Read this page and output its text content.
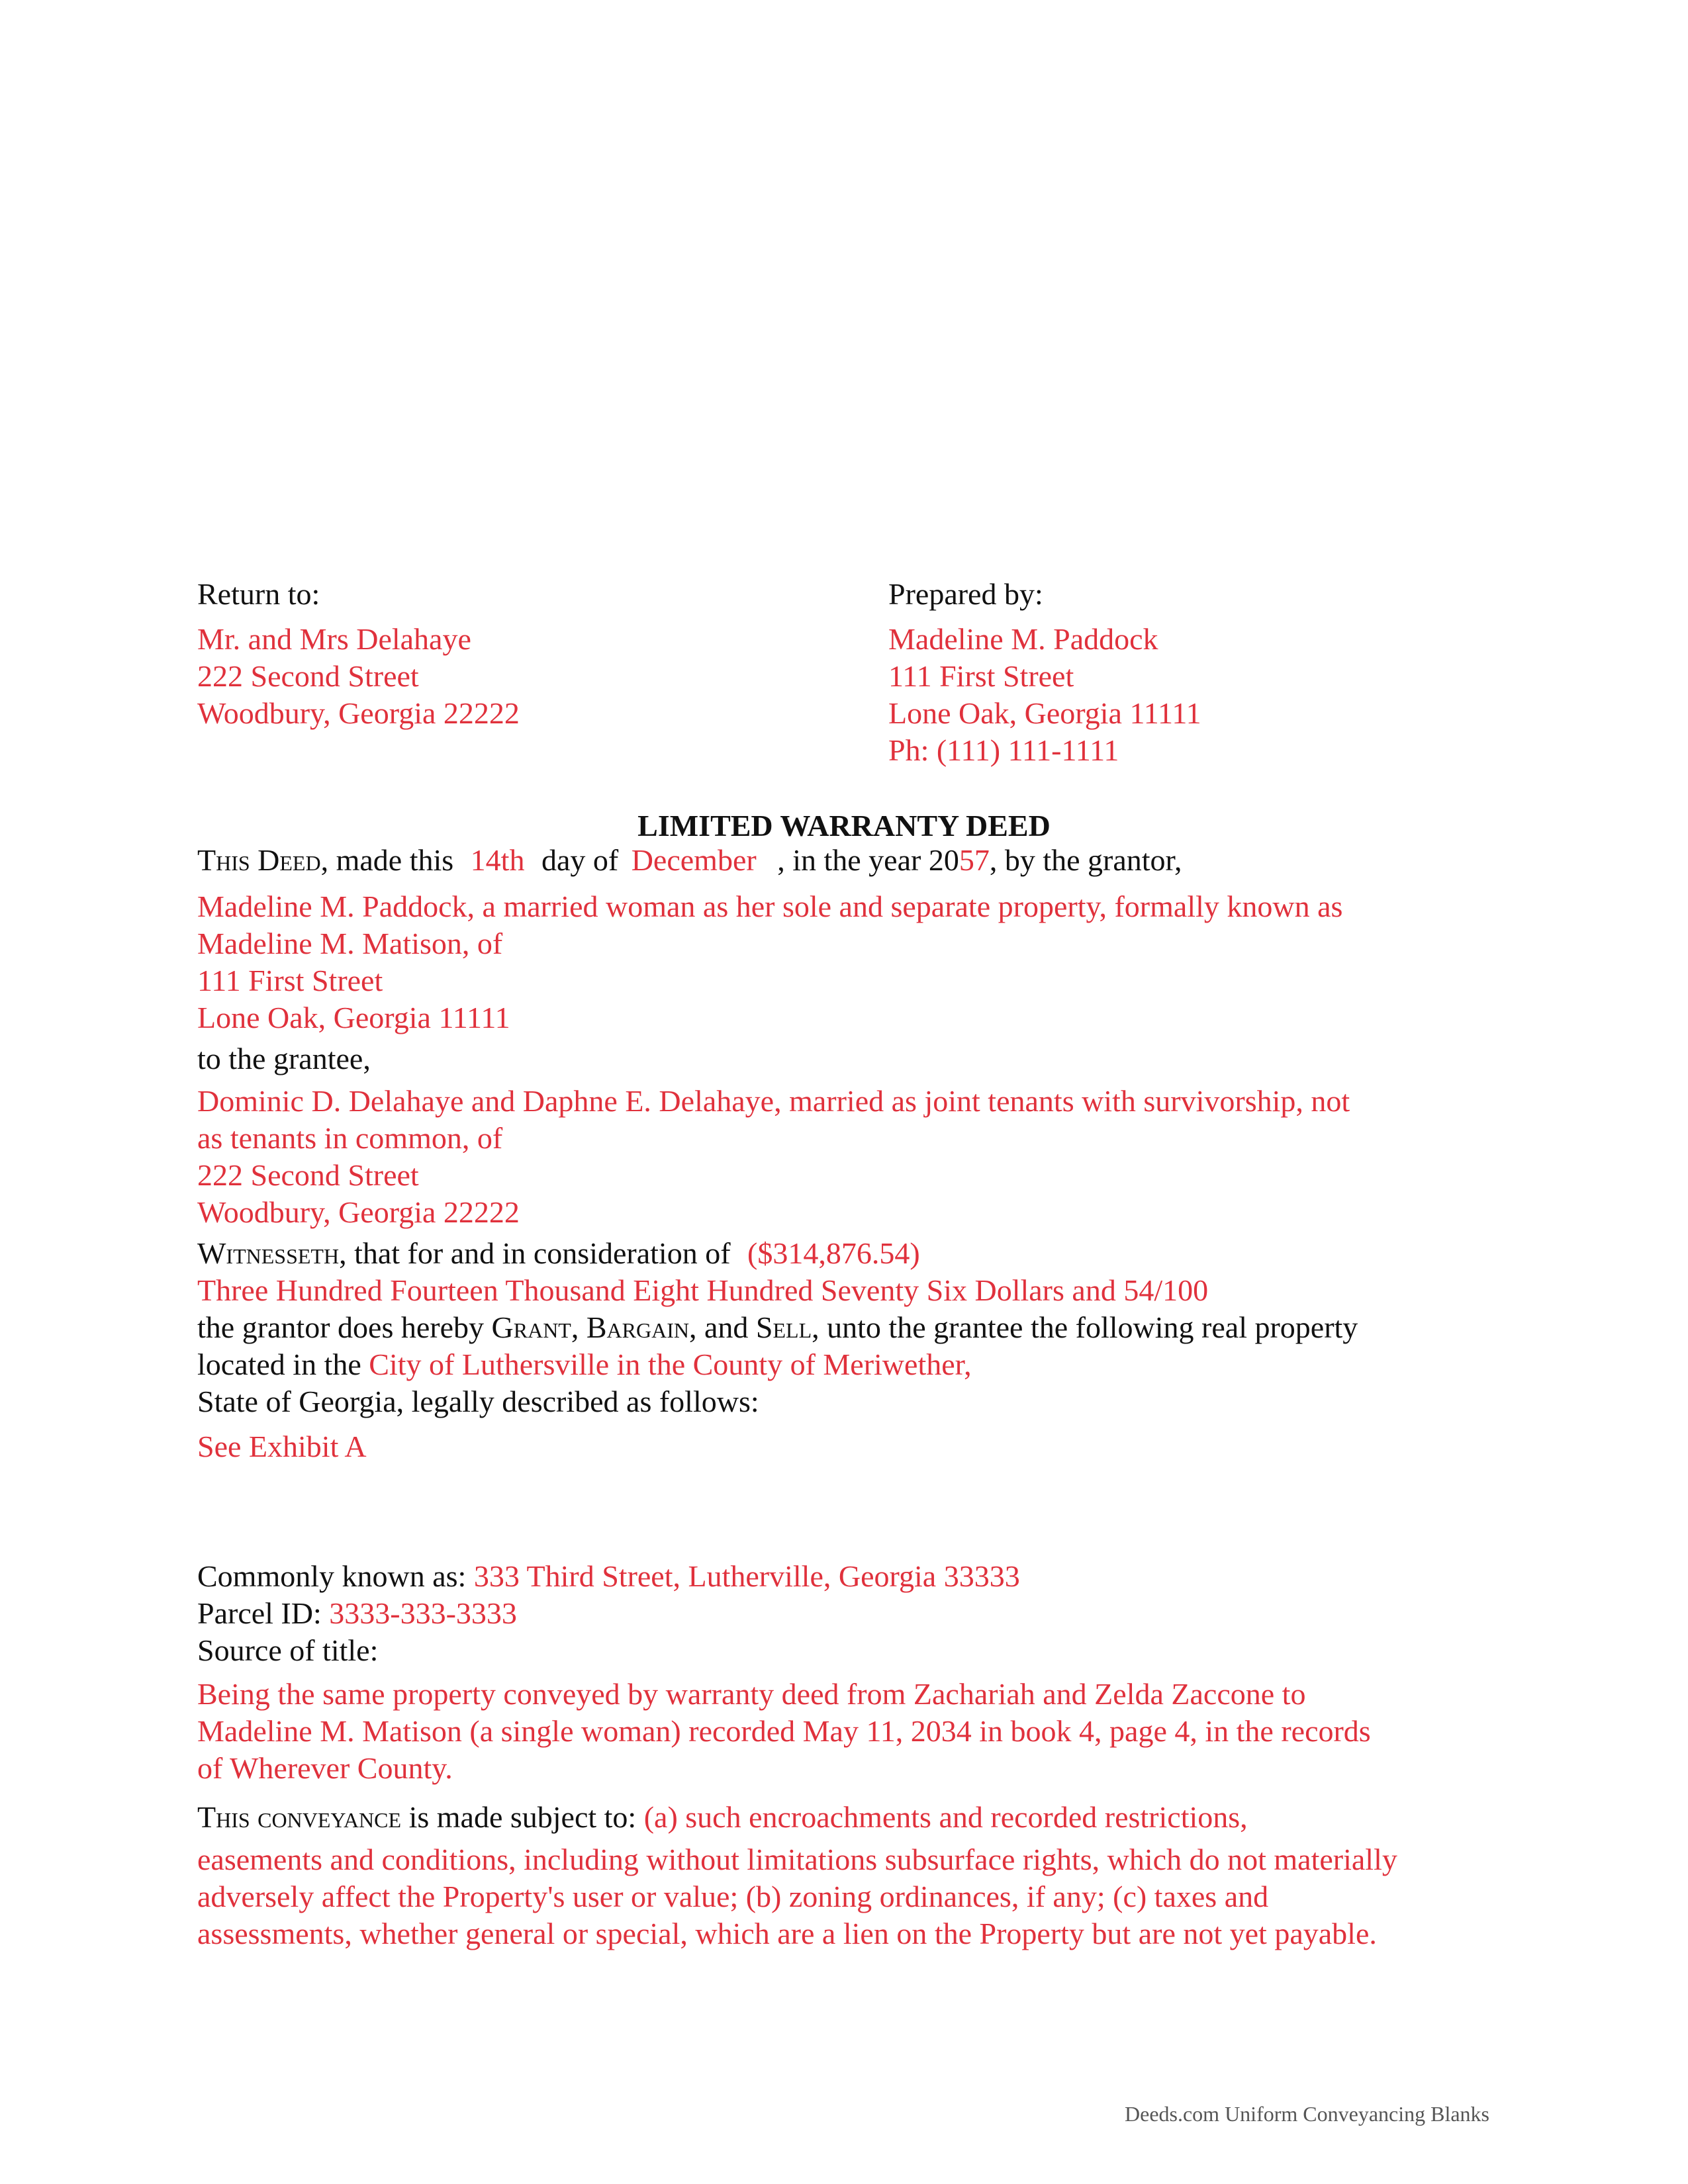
Return to:
Mr. and Mrs Delahaye
222 Second Street
Woodbury, Georgia 22222
Prepared by:
Madeline M. Paddock
111 First Street
Lone Oak, Georgia 11111
Ph: (111) 111-1111
LIMITED WARRANTY DEED
This Deed, made this 14th day of December , in the year 2057, by the grantor,
Madeline M. Paddock, a married woman as her sole and separate property, formally known as
Madeline M. Matison, of
111 First Street
Lone Oak, Georgia 11111
to the grantee,
Dominic D. Delahaye and Daphne E. Delahaye, married as joint tenants with survivorship, not
as tenants in common, of
222 Second Street
Woodbury, Georgia 22222
Witnesseth, that for and in consideration of ($314,876.54)
Three Hundred Fourteen Thousand Eight Hundred Seventy Six Dollars and 54/100
the grantor does hereby Grant, Bargain, and Sell, unto the grantee the following real property
located in the City of Luthersville in the County of Meriwether,
State of Georgia, legally described as follows:
See Exhibit A
Commonly known as: 333 Third Street, Lutherville, Georgia 33333
Parcel ID: 3333-333-3333
Source of title:
Being the same property conveyed by warranty deed from Zachariah and Zelda Zaccone to
Madeline M. Matison (a single woman) recorded May 11, 2034 in book 4, page 4, in the records
of Wherever County.
This conveyance is made subject to: (a) such encroachments and recorded restrictions,
easements and conditions, including without limitations subsurface rights, which do not materially
adversely affect the Property's user or value; (b) zoning ordinances, if any; (c) taxes and
assessments, whether general or special, which are a lien on the Property but are not yet payable.
Deeds.com Uniform Conveyancing Blanks
